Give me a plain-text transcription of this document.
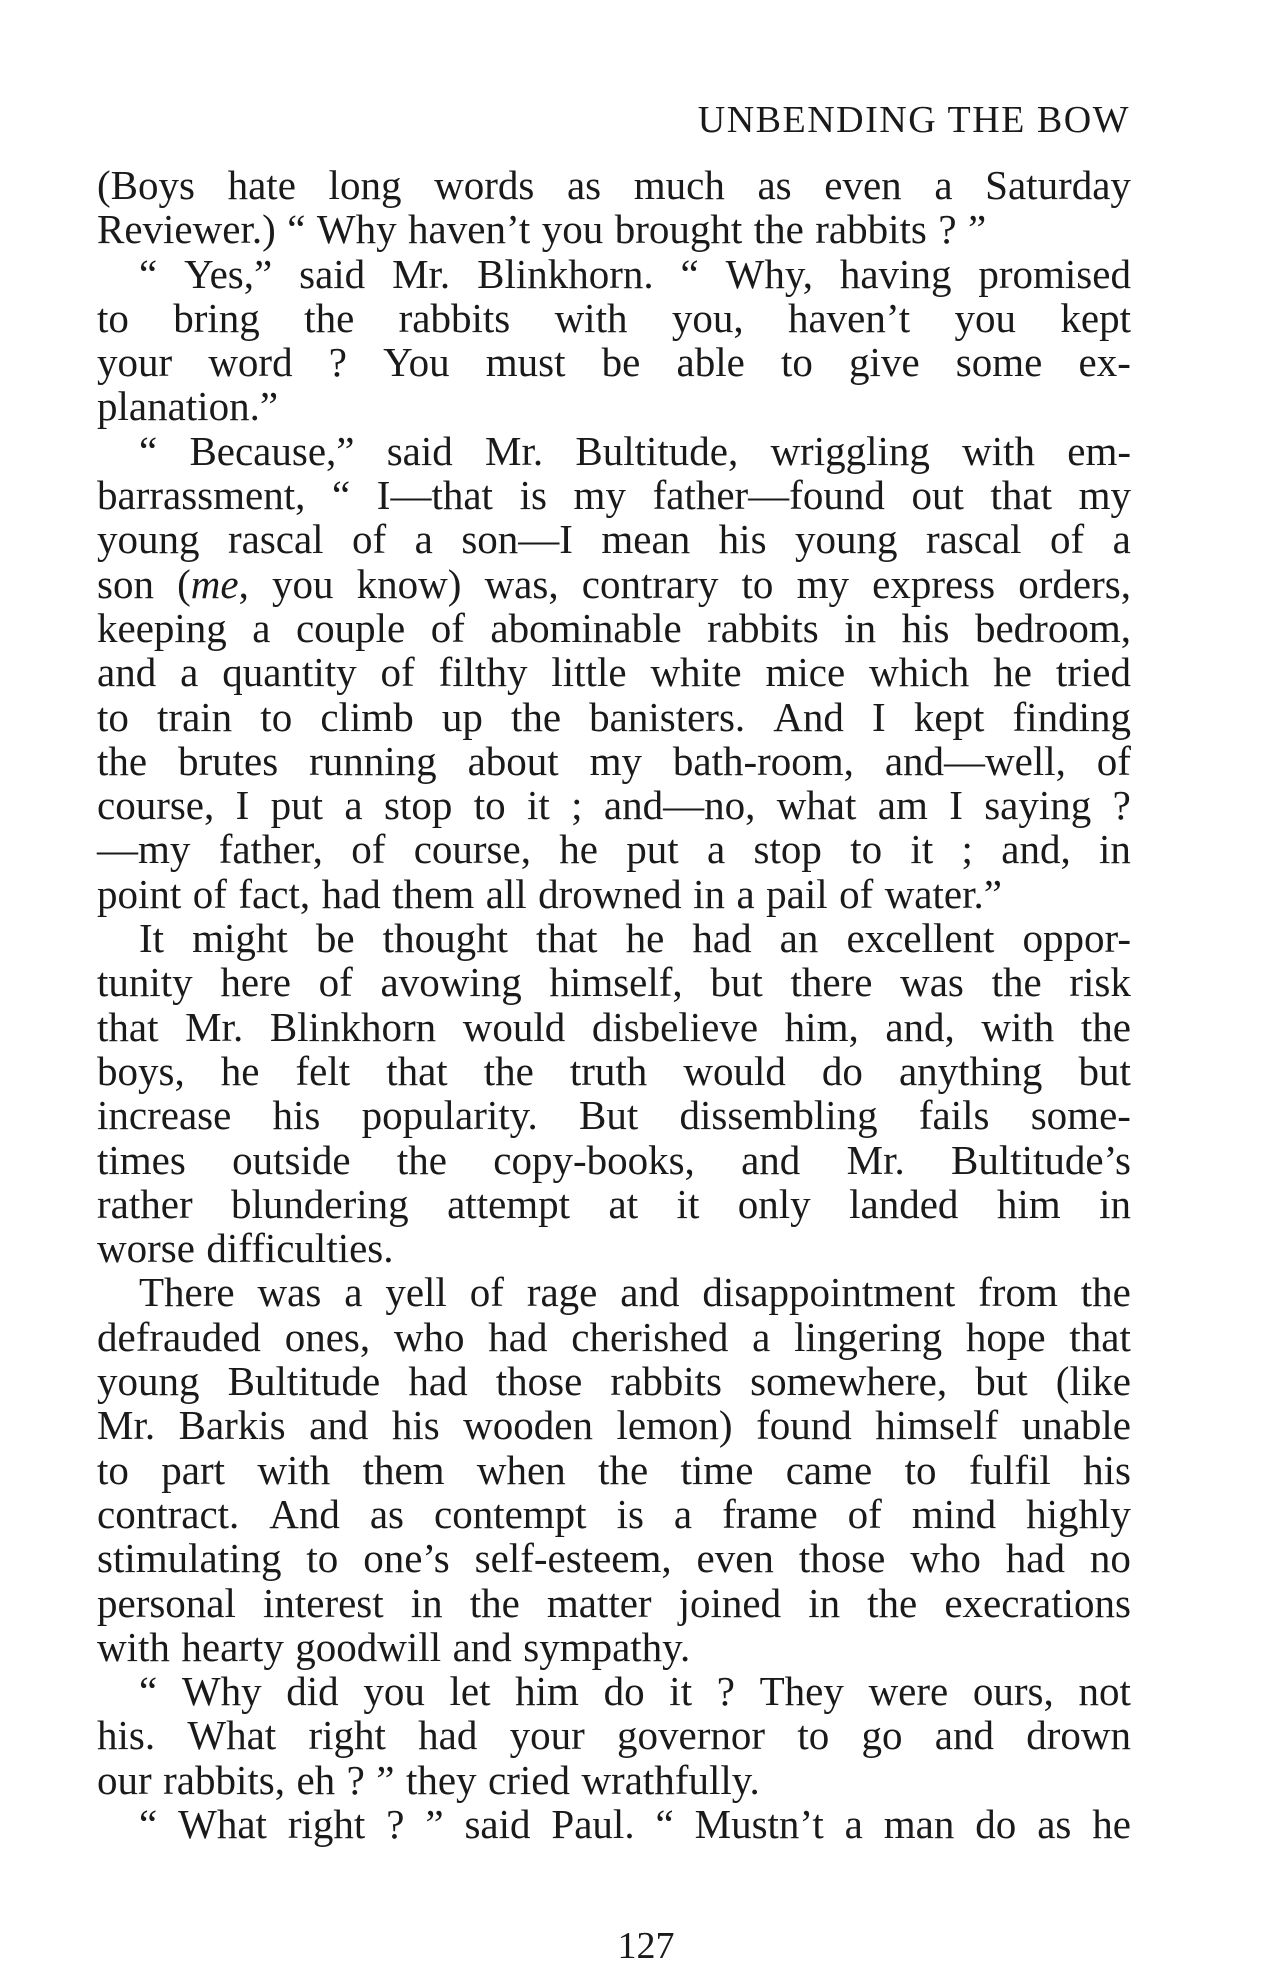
UNBENDING THE BOW
(Boys hate long words as much as even a Saturday
Reviewer.) “ Why haven’t you brought the rabbits ? ”
“ Yes,” said Mr. Blinkhorn. “ Why, having promised
to bring the rabbits with you, haven’t you kept
your word ? You must be able to give some ex-
planation.”
“ Because,” said Mr. Bultitude, wriggling with em-
barrassment, “ I—that is my father—found out that my
young rascal of a son—I mean his young rascal of a
son (me, you know) was, contrary to my express orders,
keeping a couple of abominable rabbits in his bedroom,
and a quantity of filthy little white mice which he tried
to train to climb up the banisters. And I kept finding
the brutes running about my bath-room, and—well, of
course, I put a stop to it ; and—no, what am I saying ?
—my father, of course, he put a stop to it ; and, in
point of fact, had them all drowned in a pail of water.”
It might be thought that he had an excellent oppor-
tunity here of avowing himself, but there was the risk
that Mr. Blinkhorn would disbelieve him, and, with the
boys, he felt that the truth would do anything but
increase his popularity. But dissembling fails some-
times outside the copy-books, and Mr. Bultitude’s
rather blundering attempt at it only landed him in
worse difficulties.
There was a yell of rage and disappointment from the
defrauded ones, who had cherished a lingering hope that
young Bultitude had those rabbits somewhere, but (like
Mr. Barkis and his wooden lemon) found himself unable
to part with them when the time came to fulfil his
contract. And as contempt is a frame of mind highly
stimulating to one’s self-esteem, even those who had no
personal interest in the matter joined in the execrations
with hearty goodwill and sympathy.
“ Why did you let him do it ? They were ours, not
his. What right had your governor to go and drown
our rabbits, eh ? ” they cried wrathfully.
“ What right ? ” said Paul. “ Mustn’t a man do as he
127
